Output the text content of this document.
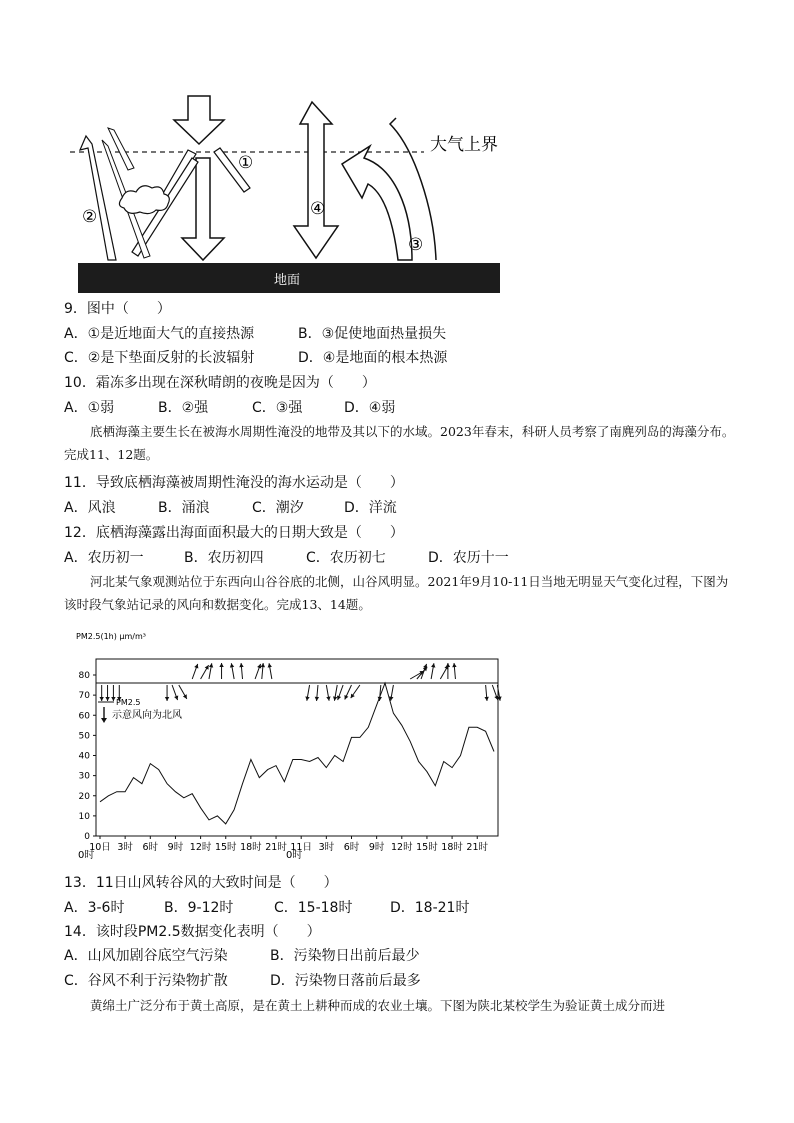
①
②
③
④
大气上界
地面
9．图中（　　）
A．①是近地面大气的直接热源	B．③促使地面热量损失
C．②是下垫面反射的长波辐射	D．④是地面的根本热源
10．霜冻多出现在深秋晴朗的夜晚是因为（　　）
A．①弱	B．②强	C．③强	D．④弱
底栖海藻主要生长在被海水周期性淹没的地带及其以下的水域。2023年春末，科研人员考察了南麂列岛的海藻分布。完成11、12题。
11．导致底栖海藻被周期性淹没的海水运动是（　　）
A．风浪	B．涌浪	C．潮汐	D．洋流
12．底栖海藻露出海面面积最大的日期大致是（　　）
A．农历初一	B．农历初四	C．农历初七	D．农历十一
河北某气象观测站位于东西向山谷谷底的北侧，山谷风明显。2021年9月10-11日当地无明显天气变化过程，下图为该时段气象站记录的风向和数据变化。完成13、14题。
PM2.5(1h) μm/m³
0
10
20
30
40
50
60
70
80
10日 3时 6时 9时 12时 15时 18时 21时 11日 3时 6时 9时 12时 15时 18时 21时
PM2.5
示意风向为北风
0时	0时
13．11日山风转谷风的大致时间是（　　）
A．3-6时	B．9-12时	C．15-18时	D．18-21时
14．该时段PM2.5数据变化表明（　　）
A．山风加剧谷底空气污染	B．污染物日出前后最少
C．谷风不利于污染物扩散	D．污染物日落前后最多
黄绵土广泛分布于黄土高原，是在黄土上耕种而成的农业土壤。下图为陕北某校学生为验证黄土成分而进
